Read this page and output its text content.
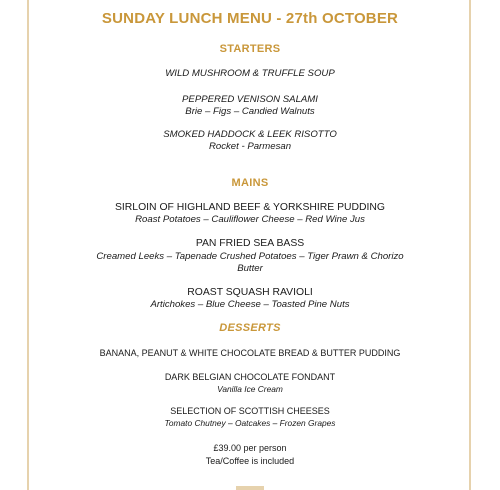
SUNDAY LUNCH MENU - 27th OCTOBER
STARTERS
WILD MUSHROOM & TRUFFLE SOUP
PEPPERED VENISON SALAMI
Brie – Figs – Candied Walnuts
SMOKED HADDOCK & LEEK RISOTTO
Rocket - Parmesan
MAINS
SIRLOIN OF HIGHLAND BEEF & YORKSHIRE PUDDING
Roast Potatoes – Cauliflower Cheese – Red Wine Jus
PAN FRIED SEA BASS
Creamed Leeks – Tapenade Crushed Potatoes – Tiger Prawn & Chorizo
Butter
ROAST SQUASH RAVIOLI
Artichokes – Blue Cheese – Toasted Pine Nuts
DESSERTS
BANANA, PEANUT & WHITE CHOCOLATE BREAD & BUTTER PUDDING
DARK BELGIAN CHOCOLATE FONDANT
Vanilla Ice Cream
SELECTION OF SCOTTISH CHEESES
Tomato Chutney – Oatcakes – Frozen Grapes
£39.00 per person
Tea/Coffee is included
